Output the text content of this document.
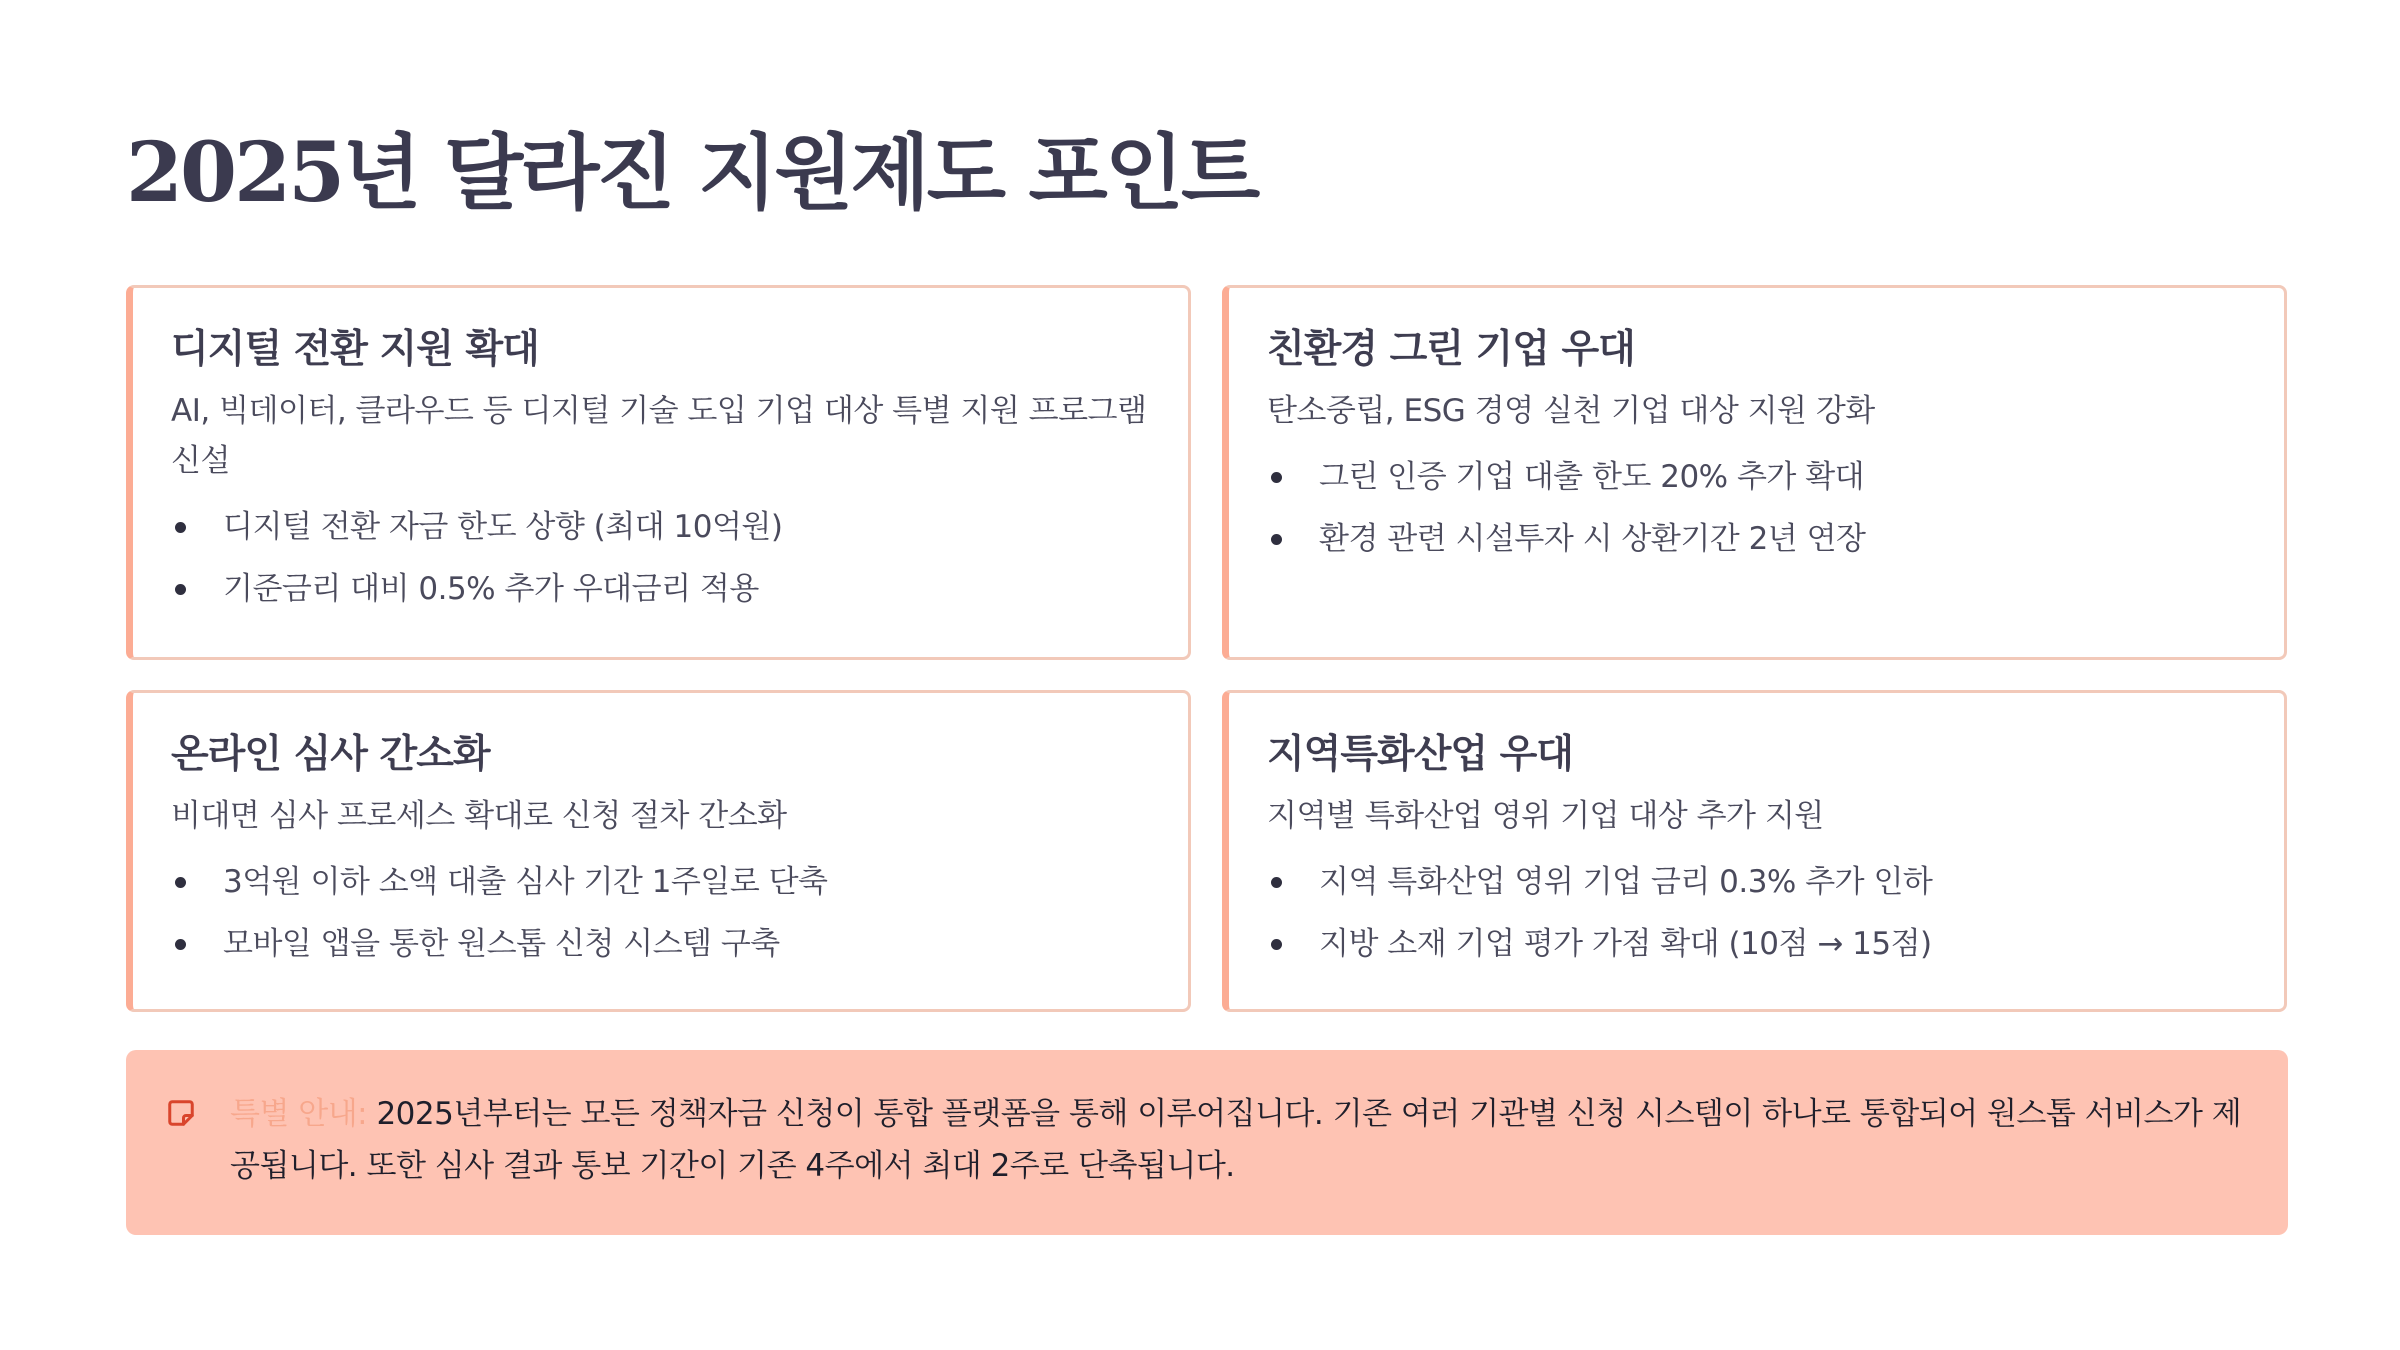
2025년 달라진 지원제도 포인트
디지털 전환 지원 확대

AI, 빅데이터, 클라우드 등 디지털 기술 도입 기업 대상 특별 지원 프로그램 신설

디지털 전환 자금 한도 상향 (최대 10억원)
기준금리 대비 0.5% 추가 우대금리 적용
친환경 그린 기업 우대

탄소중립, ESG 경영 실천 기업 대상 지원 강화

그린 인증 기업 대출 한도 20% 추가 확대
환경 관련 시설투자 시 상환기간 2년 연장
온라인 심사 간소화

비대면 심사 프로세스 확대로 신청 절차 간소화

3억원 이하 소액 대출 심사 기간 1주일로 단축
모바일 앱을 통한 원스톱 신청 시스템 구축
지역특화산업 우대

지역별 특화산업 영위 기업 대상 추가 지원

지역 특화산업 영위 기업 금리 0.3% 추가 인하
지방 소재 기업 평가 가점 확대 (10점 → 15점)
특별 안내: 2025년부터는 모든 정책자금 신청이 통합 플랫폼을 통해 이루어집니다. 기존 여러 기관별 신청 시스템이 하나로 통합되어 원스톱 서비스가 제공됩니다. 또한 심사 결과 통보 기간이 기존 4주에서 최대 2주로 단축됩니다.
